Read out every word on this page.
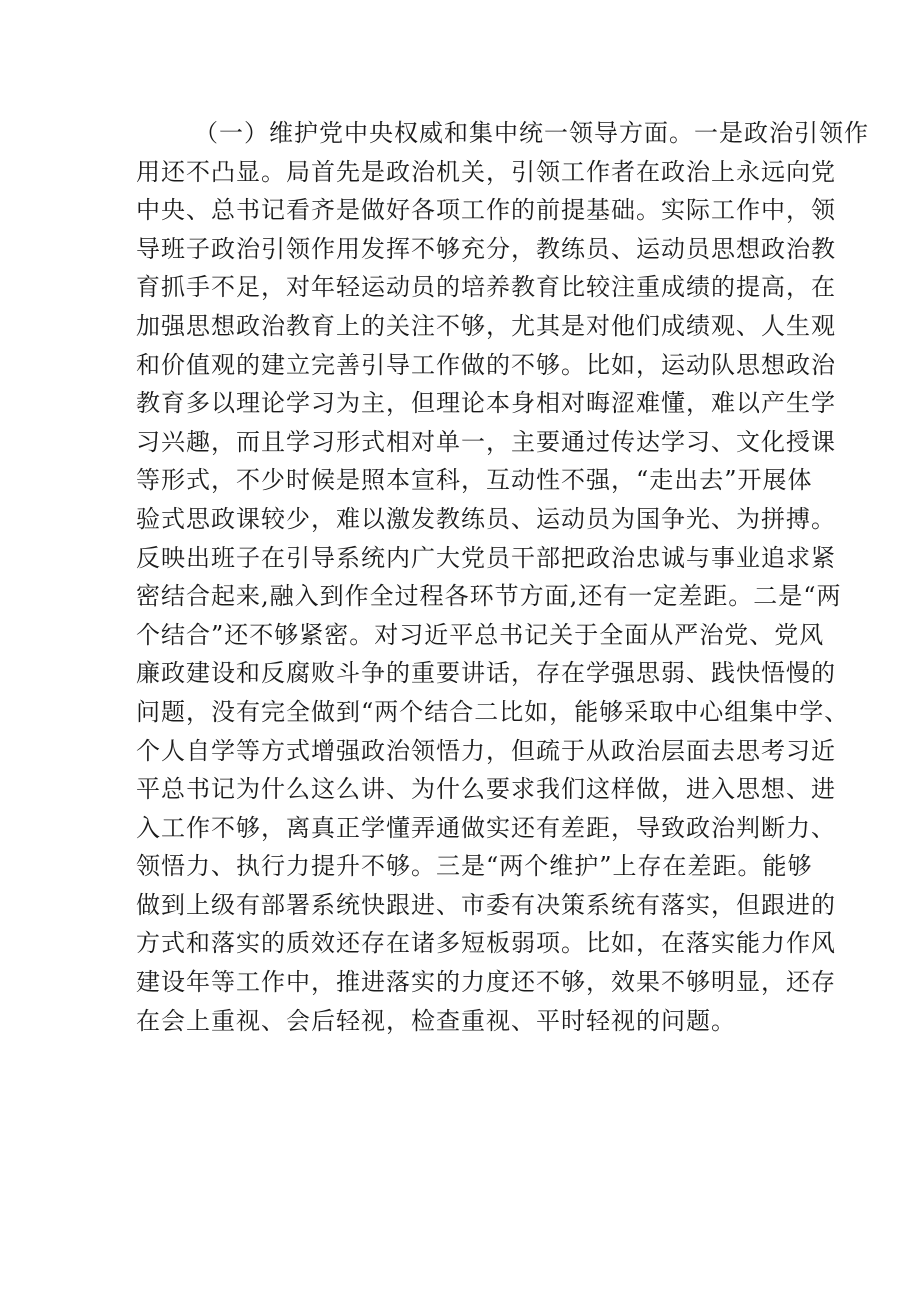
（一）维护党中央权威和集中统一领导方面。一是政治引领作
用还不凸显。局首先是政治机关，引领工作者在政治上永远向党
中央、总书记看齐是做好各项工作的前提基础。实际工作中，领
导班子政治引领作用发挥不够充分，教练员、运动员思想政治教
育抓手不足，对年轻运动员的培养教育比较注重成绩的提高，在
加强思想政治教育上的关注不够，尤其是对他们成绩观、人生观
和价值观的建立完善引导工作做的不够。比如，运动队思想政治
教育多以理论学习为主，但理论本身相对晦涩难懂，难以产生学
习兴趣，而且学习形式相对单一，主要通过传达学习、文化授课
等形式，不少时候是照本宣科，互动性不强，“走出去”开展体
验式思政课较少，难以激发教练员、运动员为国争光、为拼搏。
反映出班子在引导系统内广大党员干部把政治忠诚与事业追求紧
密结合起来,融入到作全过程各环节方面,还有一定差距。二是“两
个结合”还不够紧密。对习近平总书记关于全面从严治党、党风
廉政建设和反腐败斗争的重要讲话，存在学强思弱、践快悟慢的
问题，没有完全做到“两个结合二比如，能够采取中心组集中学、
个人自学等方式增强政治领悟力，但疏于从政治层面去思考习近
平总书记为什么这么讲、为什么要求我们这样做，进入思想、进
入工作不够，离真正学懂弄通做实还有差距，导致政治判断力、
领悟力、执行力提升不够。三是“两个维护”上存在差距。能够
做到上级有部署系统快跟进、市委有决策系统有落实，但跟进的
方式和落实的质效还存在诸多短板弱项。比如，在落实能力作风
建设年等工作中，推进落实的力度还不够，效果不够明显，还存
在会上重视、会后轻视，检查重视、平时轻视的问题。
